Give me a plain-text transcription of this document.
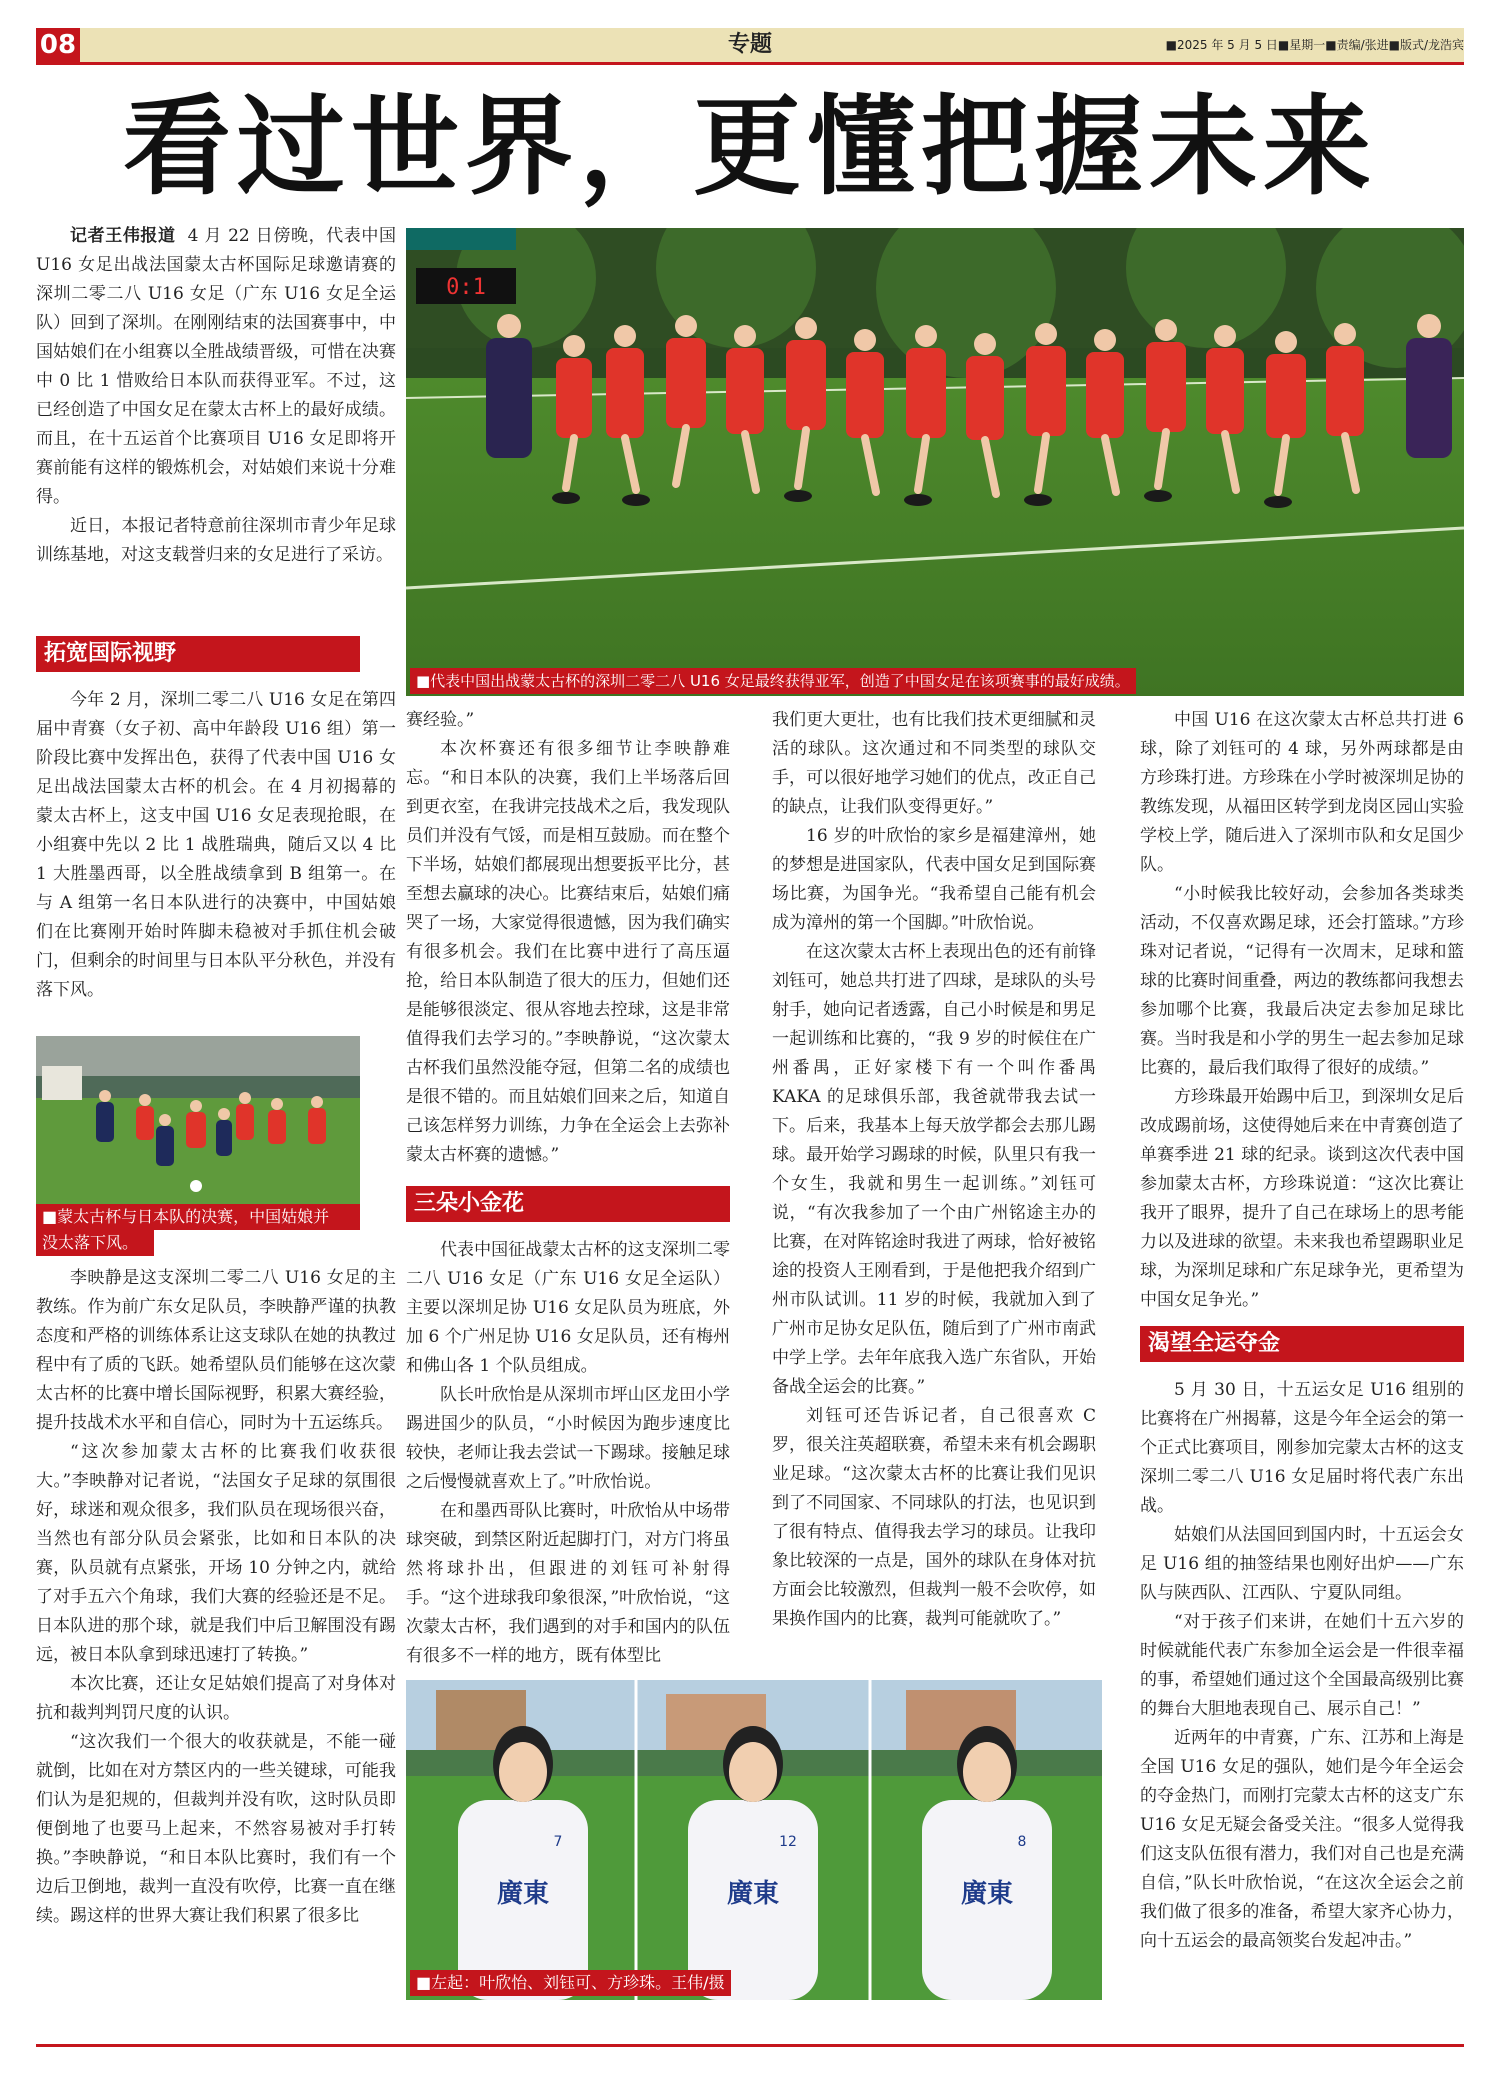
08	专题	■2025 年 5 月 5 日■星期一■责编/张进■版式/龙浩宾
看过世界，更懂把握未来

记者王伟报道 4 月 22 日傍晚，代表中国 U16 女足出战法国蒙太古杯国际足球邀请赛的深圳二零二八 U16 女足（广东 U16 女足全运队）回到了深圳。在刚刚结束的法国赛事中，中国姑娘们在小组赛以全胜战绩晋级，可惜在决赛中 0 比 1 惜败给日本队而获得亚军。不过，这已经创造了中国女足在蒙太古杯上的最好成绩。而且，在十五运首个比赛项目 U16 女足即将开赛前能有这样的锻炼机会，对姑娘们来说十分难得。

近日，本报记者特意前往深圳市青少年足球训练基地，对这支载誉归来的女足进行了采访。

拓宽国际视野

今年 2 月，深圳二零二八 U16 女足在第四届中青赛（女子初、高中年龄段 U16 组）第一阶段比赛中发挥出色，获得了代表中国 U16 女足出战法国蒙太古杯的机会。在 4 月初揭幕的蒙太古杯上，这支中国 U16 女足表现抢眼，在小组赛中先以 2 比 1 战胜瑞典，随后又以 4 比 1 大胜墨西哥，以全胜战绩拿到 B 组第一。在与 A 组第一名日本队进行的决赛中，中国姑娘们在比赛刚开始时阵脚未稳被对手抓住机会破门，但剩余的时间里与日本队平分秋色，并没有落下风。

■蒙太古杯与日本队的决赛，中国姑娘并
没太落下风。

李映静是这支深圳二零二八 U16 女足的主教练。作为前广东女足队员，李映静严谨的执教态度和严格的训练体系让这支球队在她的执教过程中有了质的飞跃。她希望队员们能够在这次蒙太古杯的比赛中增长国际视野，积累大赛经验，提升技战术水平和自信心，同时为十五运练兵。

“这次参加蒙太古杯的比赛我们收获很大。”李映静对记者说，“法国女子足球的氛围很好，球迷和观众很多，我们队员在现场很兴奋，当然也有部分队员会紧张，比如和日本队的决赛，队员就有点紧张，开场 10 分钟之内，就给了对手五六个角球，我们大赛的经验还是不足。日本队进的那个球，就是我们中后卫解围没有踢远，被日本队拿到球迅速打了转换。”

本次比赛，还让女足姑娘们提高了对身体对抗和裁判判罚尺度的认识。

“这次我们一个很大的收获就是，不能一碰就倒，比如在对方禁区内的一些关键球，可能我们认为是犯规的，但裁判并没有吹，这时队员即便倒地了也要马上起来，不然容易被对手打转换。”李映静说，“和日本队比赛时，我们有一个边后卫倒地，裁判一直没有吹停，比赛一直在继续。踢这样的世界大赛让我们积累了很多比

0:1
■代表中国出战蒙太古杯的深圳二零二八 U16 女足最终获得亚军，创造了中国女足在该项赛事的最好成绩。

赛经验。”

本次杯赛还有很多细节让李映静难忘。“和日本队的决赛，我们上半场落后回到更衣室，在我讲完技战术之后，我发现队员们并没有气馁，而是相互鼓励。而在整个下半场，姑娘们都展现出想要扳平比分，甚至想去赢球的决心。比赛结束后，姑娘们痛哭了一场，大家觉得很遗憾，因为我们确实有很多机会。我们在比赛中进行了高压逼抢，给日本队制造了很大的压力，但她们还是能够很淡定、很从容地去控球，这是非常值得我们去学习的。”李映静说，“这次蒙太古杯我们虽然没能夺冠，但第二名的成绩也是很不错的。而且姑娘们回来之后，知道自己该怎样努力训练，力争在全运会上去弥补蒙太古杯赛的遗憾。”

三朵小金花

代表中国征战蒙太古杯的这支深圳二零二八 U16 女足（广东 U16 女足全运队）主要以深圳足协 U16 女足队员为班底，外加 6 个广州足协 U16 女足队员，还有梅州和佛山各 1 个队员组成。

队长叶欣怡是从深圳市坪山区龙田小学踢进国少的队员，“小时候因为跑步速度比较快，老师让我去尝试一下踢球。接触足球之后慢慢就喜欢上了。”叶欣怡说。

在和墨西哥队比赛时，叶欣怡从中场带球突破，到禁区附近起脚打门，对方门将虽然将球扑出，但跟进的刘钰可补射得手。“这个进球我印象很深，”叶欣怡说，“这次蒙太古杯，我们遇到的对手和国内的队伍有很多不一样的地方，既有体型比

我们更大更壮，也有比我们技术更细腻和灵活的球队。这次通过和不同类型的球队交手，可以很好地学习她们的优点，改正自己的缺点，让我们队变得更好。”

16 岁的叶欣怡的家乡是福建漳州，她的梦想是进国家队，代表中国女足到国际赛场比赛，为国争光。“我希望自己能有机会成为漳州的第一个国脚。”叶欣怡说。

在这次蒙太古杯上表现出色的还有前锋刘钰可，她总共打进了四球，是球队的头号射手，她向记者透露，自己小时候是和男足一起训练和比赛的，“我 9 岁的时候住在广州番禺，正好家楼下有一个叫作番禺 KAKA 的足球俱乐部，我爸就带我去试一下。后来，我基本上每天放学都会去那儿踢球。最开始学习踢球的时候，队里只有我一个女生，我就和男生一起训练。”刘钰可说，“有次我参加了一个由广州铭途主办的比赛，在对阵铭途时我进了两球，恰好被铭途的投资人王刚看到，于是他把我介绍到广州市队试训。11 岁的时候，我就加入到了广州市足协女足队伍，随后到了广州市南武中学上学。去年年底我入选广东省队，开始备战全运会的比赛。”

刘钰可还告诉记者，自己很喜欢 C 罗，很关注英超联赛，希望未来有机会踢职业足球。“这次蒙太古杯的比赛让我们见识到了不同国家、不同球队的打法，也见识到了很有特点、值得我去学习的球员。让我印象比较深的一点是，国外的球队在身体对抗方面会比较激烈，但裁判一般不会吹停，如果换作国内的比赛，裁判可能就吹了。”

中国 U16 在这次蒙太古杯总共打进 6 球，除了刘钰可的 4 球，另外两球都是由方珍珠打进。方珍珠在小学时被深圳足协的教练发现，从福田区转学到龙岗区园山实验学校上学，随后进入了深圳市队和女足国少队。

“小时候我比较好动，会参加各类球类活动，不仅喜欢踢足球，还会打篮球。”方珍珠对记者说，“记得有一次周末，足球和篮球的比赛时间重叠，两边的教练都问我想去参加哪个比赛，我最后决定去参加足球比赛。当时我是和小学的男生一起去参加足球比赛的，最后我们取得了很好的成绩。”

方珍珠最开始踢中后卫，到深圳女足后改成踢前场，这使得她后来在中青赛创造了单赛季进 21 球的纪录。谈到这次代表中国参加蒙太古杯，方珍珠说道：“这次比赛让我开了眼界，提升了自己在球场上的思考能力以及进球的欲望。未来我也希望踢职业足球，为深圳足球和广东足球争光，更希望为中国女足争光。”

渴望全运夺金

5 月 30 日，十五运女足 U16 组别的比赛将在广州揭幕，这是今年全运会的第一个正式比赛项目，刚参加完蒙太古杯的这支深圳二零二八 U16 女足届时将代表广东出战。

姑娘们从法国回到国内时，十五运会女足 U16 组的抽签结果也刚好出炉——广东队与陕西队、江西队、宁夏队同组。

“对于孩子们来讲，在她们十五六岁的时候就能代表广东参加全运会是一件很幸福的事，希望她们通过这个全国最高级别比赛的舞台大胆地表现自己、展示自己！”

近两年的中青赛，广东、江苏和上海是全国 U16 女足的强队，她们是今年全运会的夺金热门，而刚打完蒙太古杯的这支广东 U16 女足无疑会备受关注。“很多人觉得我们这支队伍很有潜力，我们对自己也是充满自信，”队长叶欣怡说，“在这次全运会之前我们做了很多的准备，希望大家齐心协力，向十五运会的最高领奖台发起冲击。”

廣東
7
廣東
12
廣東
8
■左起：叶欣怡、刘钰可、方珍珠。王伟/摄
